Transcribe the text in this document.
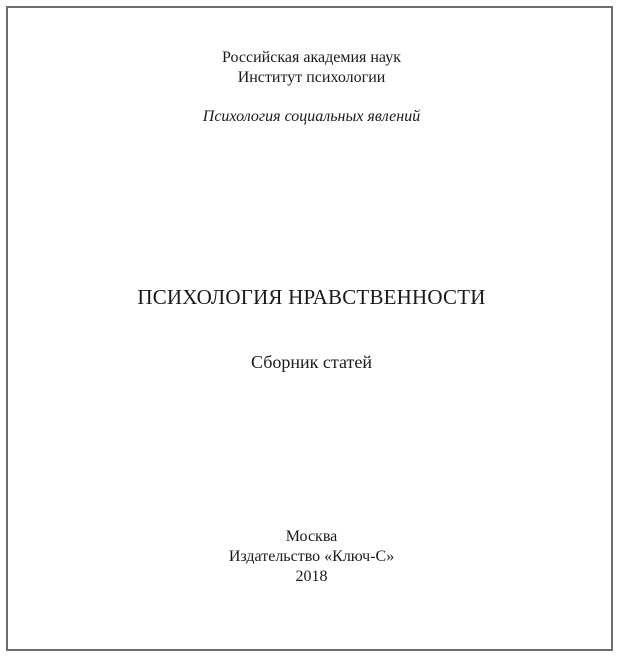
Российская академия наук
Институт психологии
Психология социальных явлений
ПСИХОЛОГИЯ НРАВСТВЕННОСТИ
Сборник статей
Москва
Издательство «Ключ-С»
2018
